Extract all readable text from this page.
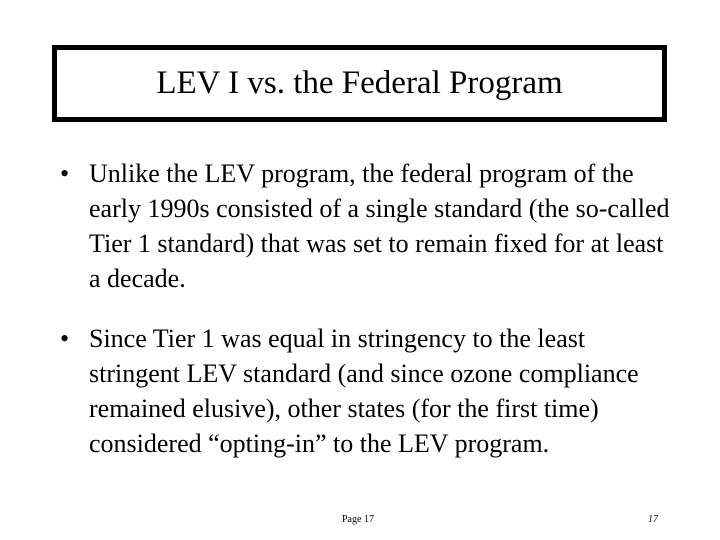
LEV I vs. the Federal Program
• Unlike the LEV program, the federal program of the early 1990s consisted of a single standard (the so-called Tier 1 standard) that was set to remain fixed for at least a decade.
• Since Tier 1 was equal in stringency to the least stringent LEV standard (and since ozone compliance remained elusive), other states (for the first time) considered “opting-in” to the LEV program.
Page 17	17
